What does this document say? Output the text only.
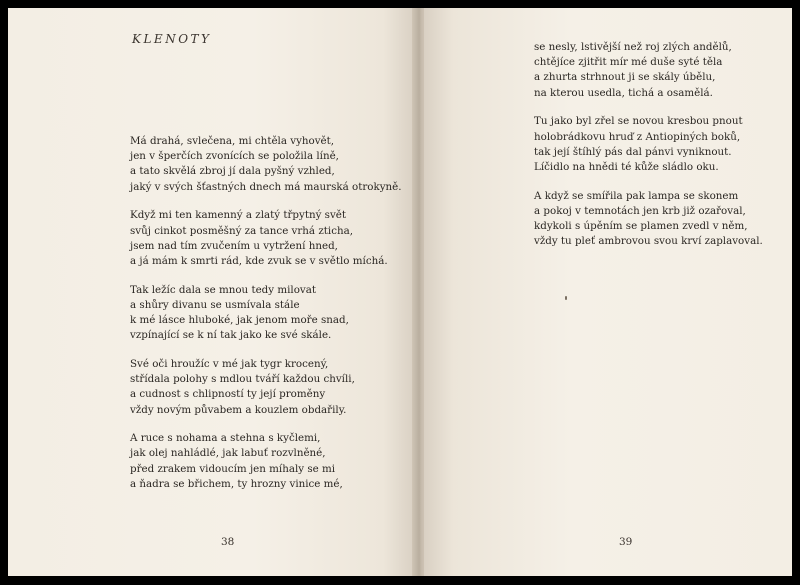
KLENOTY
Má drahá, svlečena, mi chtěla vyhovět,
jen v šperčích zvonících se položila líně,
a tato skvělá zbroj jí dala pyšný vzhled,
jaký v svých šťastných dnech má maurská otrokyně.
Když mi ten kamenný a zlatý třpytný svět
svůj cinkot posměšný za tance vrhá zticha,
jsem nad tím zvučením u vytržení hned,
a já mám k smrti rád, kde zvuk se v světlo míchá.
Tak ležíc dala se mnou tedy milovat
a shůry divanu se usmívala stále
k mé lásce hluboké, jak jenom moře snad,
vzpínající se k ní tak jako ke své skále.
Své oči hroužíc v mé jak tygr krocený,
střídala polohy s mdlou tváří každou chvíli,
a cudnost s chlipností ty její proměny
vždy novým půvabem a kouzlem obdařily.
A ruce s nohama a stehna s kyčlemi,
jak olej nahládlé, jak labuť rozvlněné,
před zrakem vidoucím jen míhaly se mi
a ňadra se břichem, ty hrozny vinice mé,
38
se nesly, lstivější než roj zlých andělů,
chtějíce zjitřit mír mé duše syté těla
a zhurta strhnout ji se skály úbělu,
na kterou usedla, tichá a osamělá.
Tu jako byl zřel se novou kresbou pnout
holobrádkovu hruď z Antiopiných boků,
tak její štíhlý pás dal pánvi vyniknout.
Líčidlo na hnědi té kůže sládlo oku.
A když se smířila pak lampa se skonem
a pokoj v temnotách jen krb již ozařoval,
kdykoli s úpěním se plamen zvedl v něm,
vždy tu pleť ambrovou svou krví zaplavoval.
39
